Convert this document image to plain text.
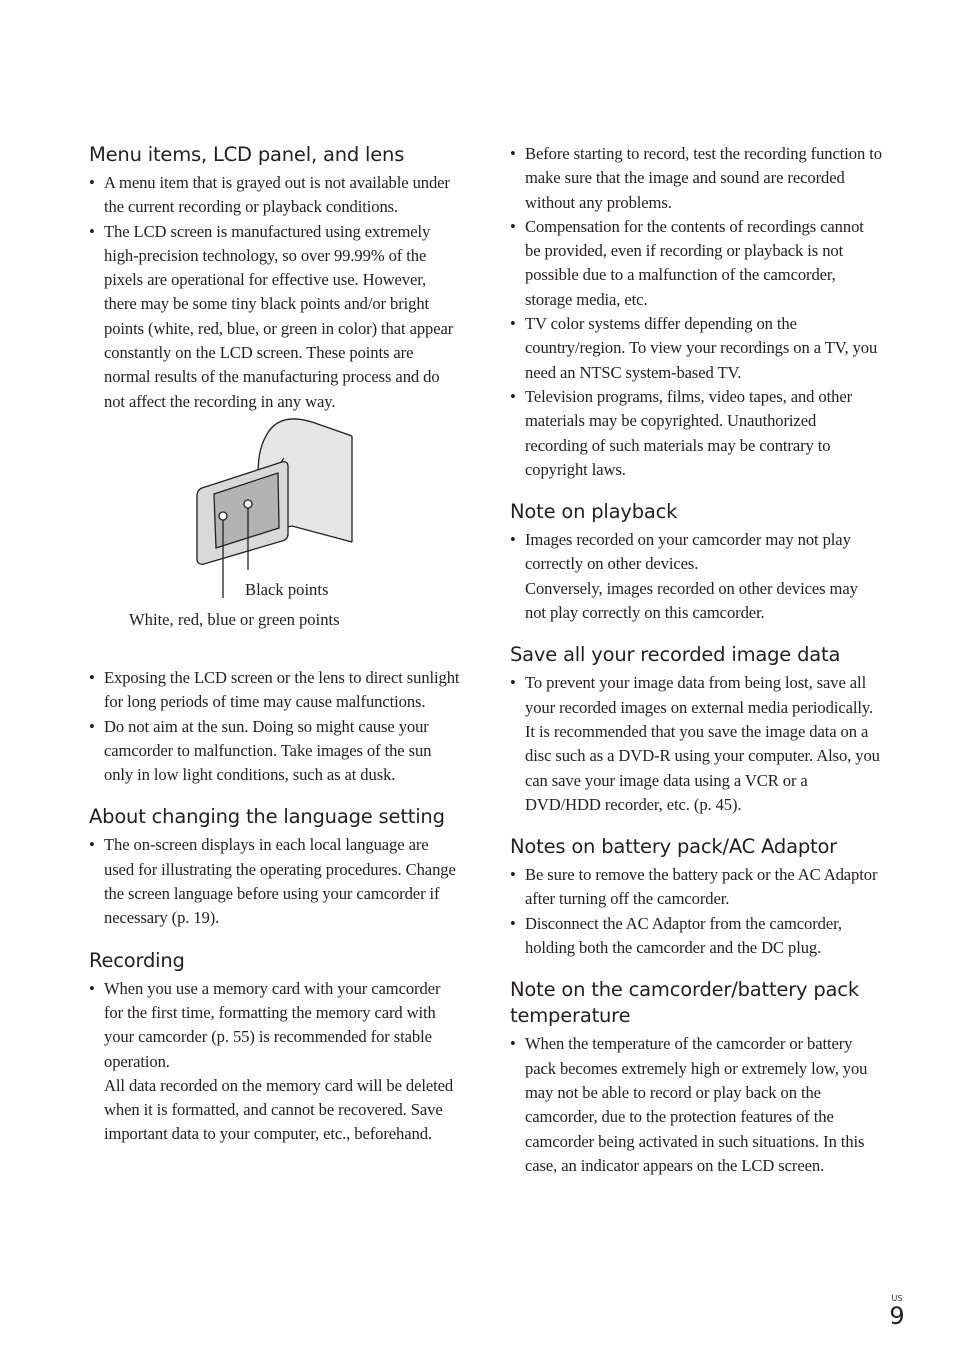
Menu items, LCD panel, and lens
• A menu item that is grayed out is not available under the current recording or playback conditions.
• The LCD screen is manufactured using extremely high-precision technology, so over 99.99% of the pixels are operational for effective use. However, there may be some tiny black points and/or bright points (white, red, blue, or green in color) that appear constantly on the LCD screen. These points are normal results of the manufacturing process and do not affect the recording in any way.
Black points
White, red, blue or green points
• Exposing the LCD screen or the lens to direct sunlight for long periods of time may cause malfunctions.
• Do not aim at the sun. Doing so might cause your camcorder to malfunction. Take images of the sun only in low light conditions, such as at dusk.
About changing the language setting
• The on-screen displays in each local language are used for illustrating the operating procedures. Change the screen language before using your camcorder if necessary (p. 19).
Recording
• When you use a memory card with your camcorder for the first time, formatting the memory card with your camcorder (p. 55) is recommended for stable operation.
All data recorded on the memory card will be deleted when it is formatted, and cannot be recovered. Save important data to your computer, etc., beforehand.
• Before starting to record, test the recording function to make sure that the image and sound are recorded without any problems.
• Compensation for the contents of recordings cannot be provided, even if recording or playback is not possible due to a malfunction of the camcorder, storage media, etc.
• TV color systems differ depending on the country/region. To view your recordings on a TV, you need an NTSC system-based TV.
• Television programs, films, video tapes, and other materials may be copyrighted. Unauthorized recording of such materials may be contrary to copyright laws.
Note on playback
• Images recorded on your camcorder may not play correctly on other devices.
Conversely, images recorded on other devices may not play correctly on this camcorder.
Save all your recorded image data
• To prevent your image data from being lost, save all your recorded images on external media periodically. It is recommended that you save the image data on a disc such as a DVD-R using your computer. Also, you can save your image data using a VCR or a DVD/HDD recorder, etc. (p. 45).
Notes on battery pack/AC Adaptor
• Be sure to remove the battery pack or the AC Adaptor after turning off the camcorder.
• Disconnect the AC Adaptor from the camcorder, holding both the camcorder and the DC plug.
Note on the camcorder/battery pack temperature
• When the temperature of the camcorder or battery pack becomes extremely high or extremely low, you may not be able to record or play back on the camcorder, due to the protection features of the camcorder being activated in such situations. In this case, an indicator appears on the LCD screen.
US
9
